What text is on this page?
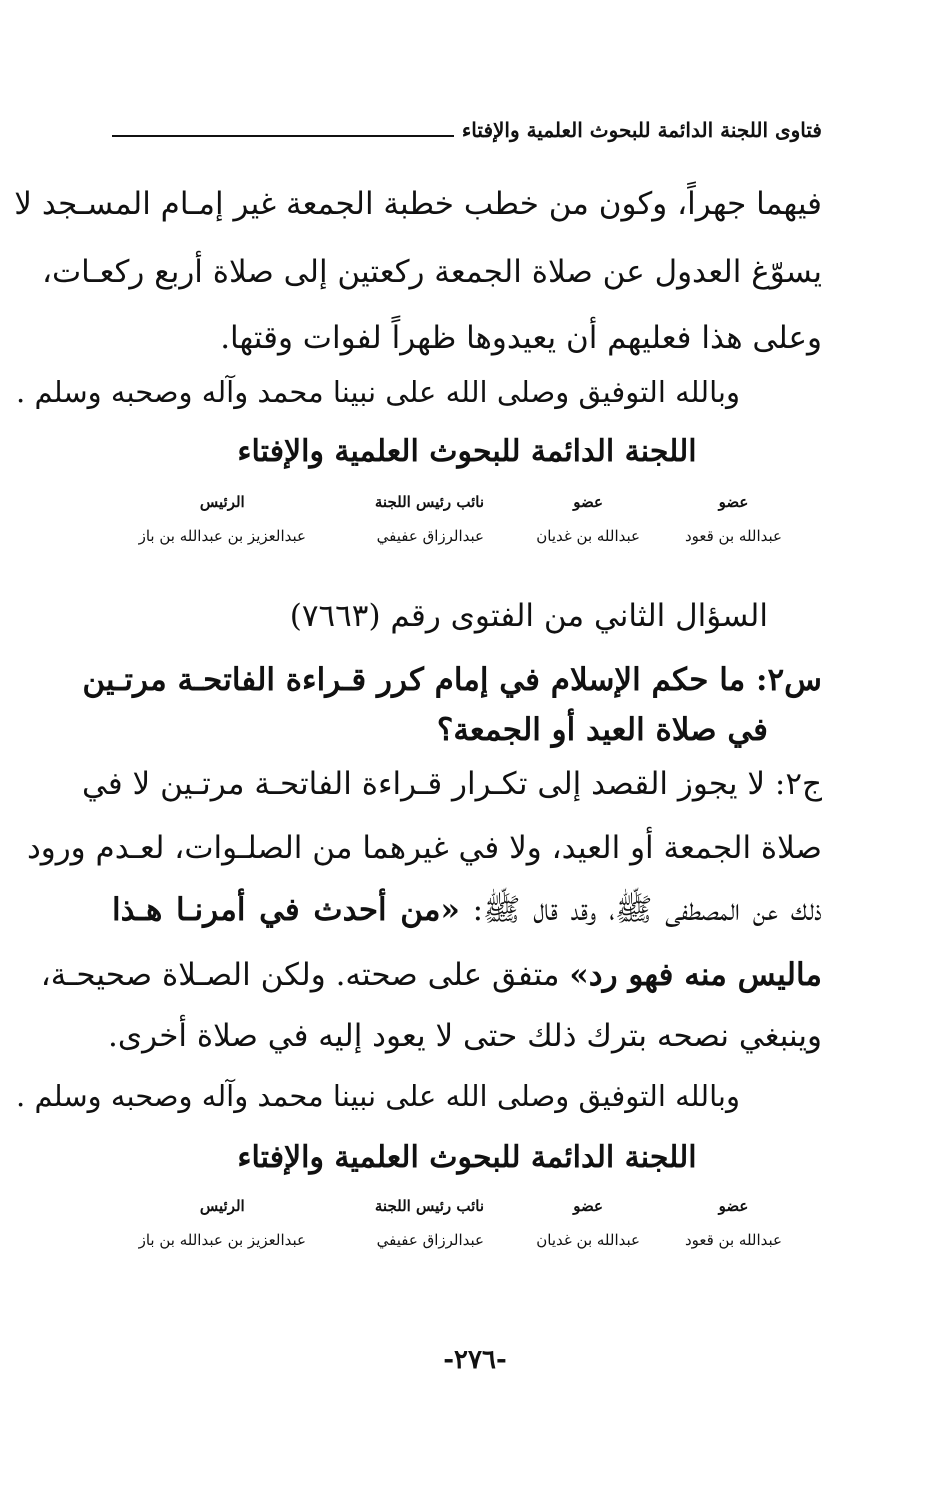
فتاوى اللجنة الدائمة للبحوث العلمية والإفتاء
فيهما جهراً، وكون من خطب خطبة الجمعة غير إمـام المسـجد لا
يسوّغ العدول عن صلاة الجمعة ركعتين إلى صلاة أربع ركعـات،
وعلى هذا فعليهم أن يعيدوها ظهراً لفوات وقتها.
وبالله التوفيق وصلى الله على نبينا محمد وآله وصحبه وسلم .
اللجنة الدائمة للبحوث العلمية والإفتاء
عضو
عبدالله بن قعود
عضو
عبدالله بن غديان
نائب رئيس اللجنة
عبدالرزاق عفيفي
الرئيس
عبدالعزيز بن عبدالله بن باز
السؤال الثاني من الفتوى رقم (٧٦٦٣)
س٢: ما حكم الإسلام في إمام كرر قـراءة الفاتحـة مرتـين
في صلاة العيد أو الجمعة؟
ج٢: لا يجوز القصد إلى تكـرار قـراءة الفاتحـة مرتـين لا في
صلاة الجمعة أو العيد، ولا في غيرهما من الصلـوات، لعـدم ورود
ذلك عن المصطفى ﷺ، وقد قال ﷺ: «من أحدث في أمرنـا هـذا
ماليس منه فهو رد» متفق على صحته. ولكن الصـلاة صحيحـة،
وينبغي نصحه بترك ذلك حتى لا يعود إليه في صلاة أخرى.
وبالله التوفيق وصلى الله على نبينا محمد وآله وصحبه وسلم .
اللجنة الدائمة للبحوث العلمية والإفتاء
عضو
عبدالله بن قعود
عضو
عبدالله بن غديان
نائب رئيس اللجنة
عبدالرزاق عفيفي
الرئيس
عبدالعزيز بن عبدالله بن باز
-٢٧٦-
